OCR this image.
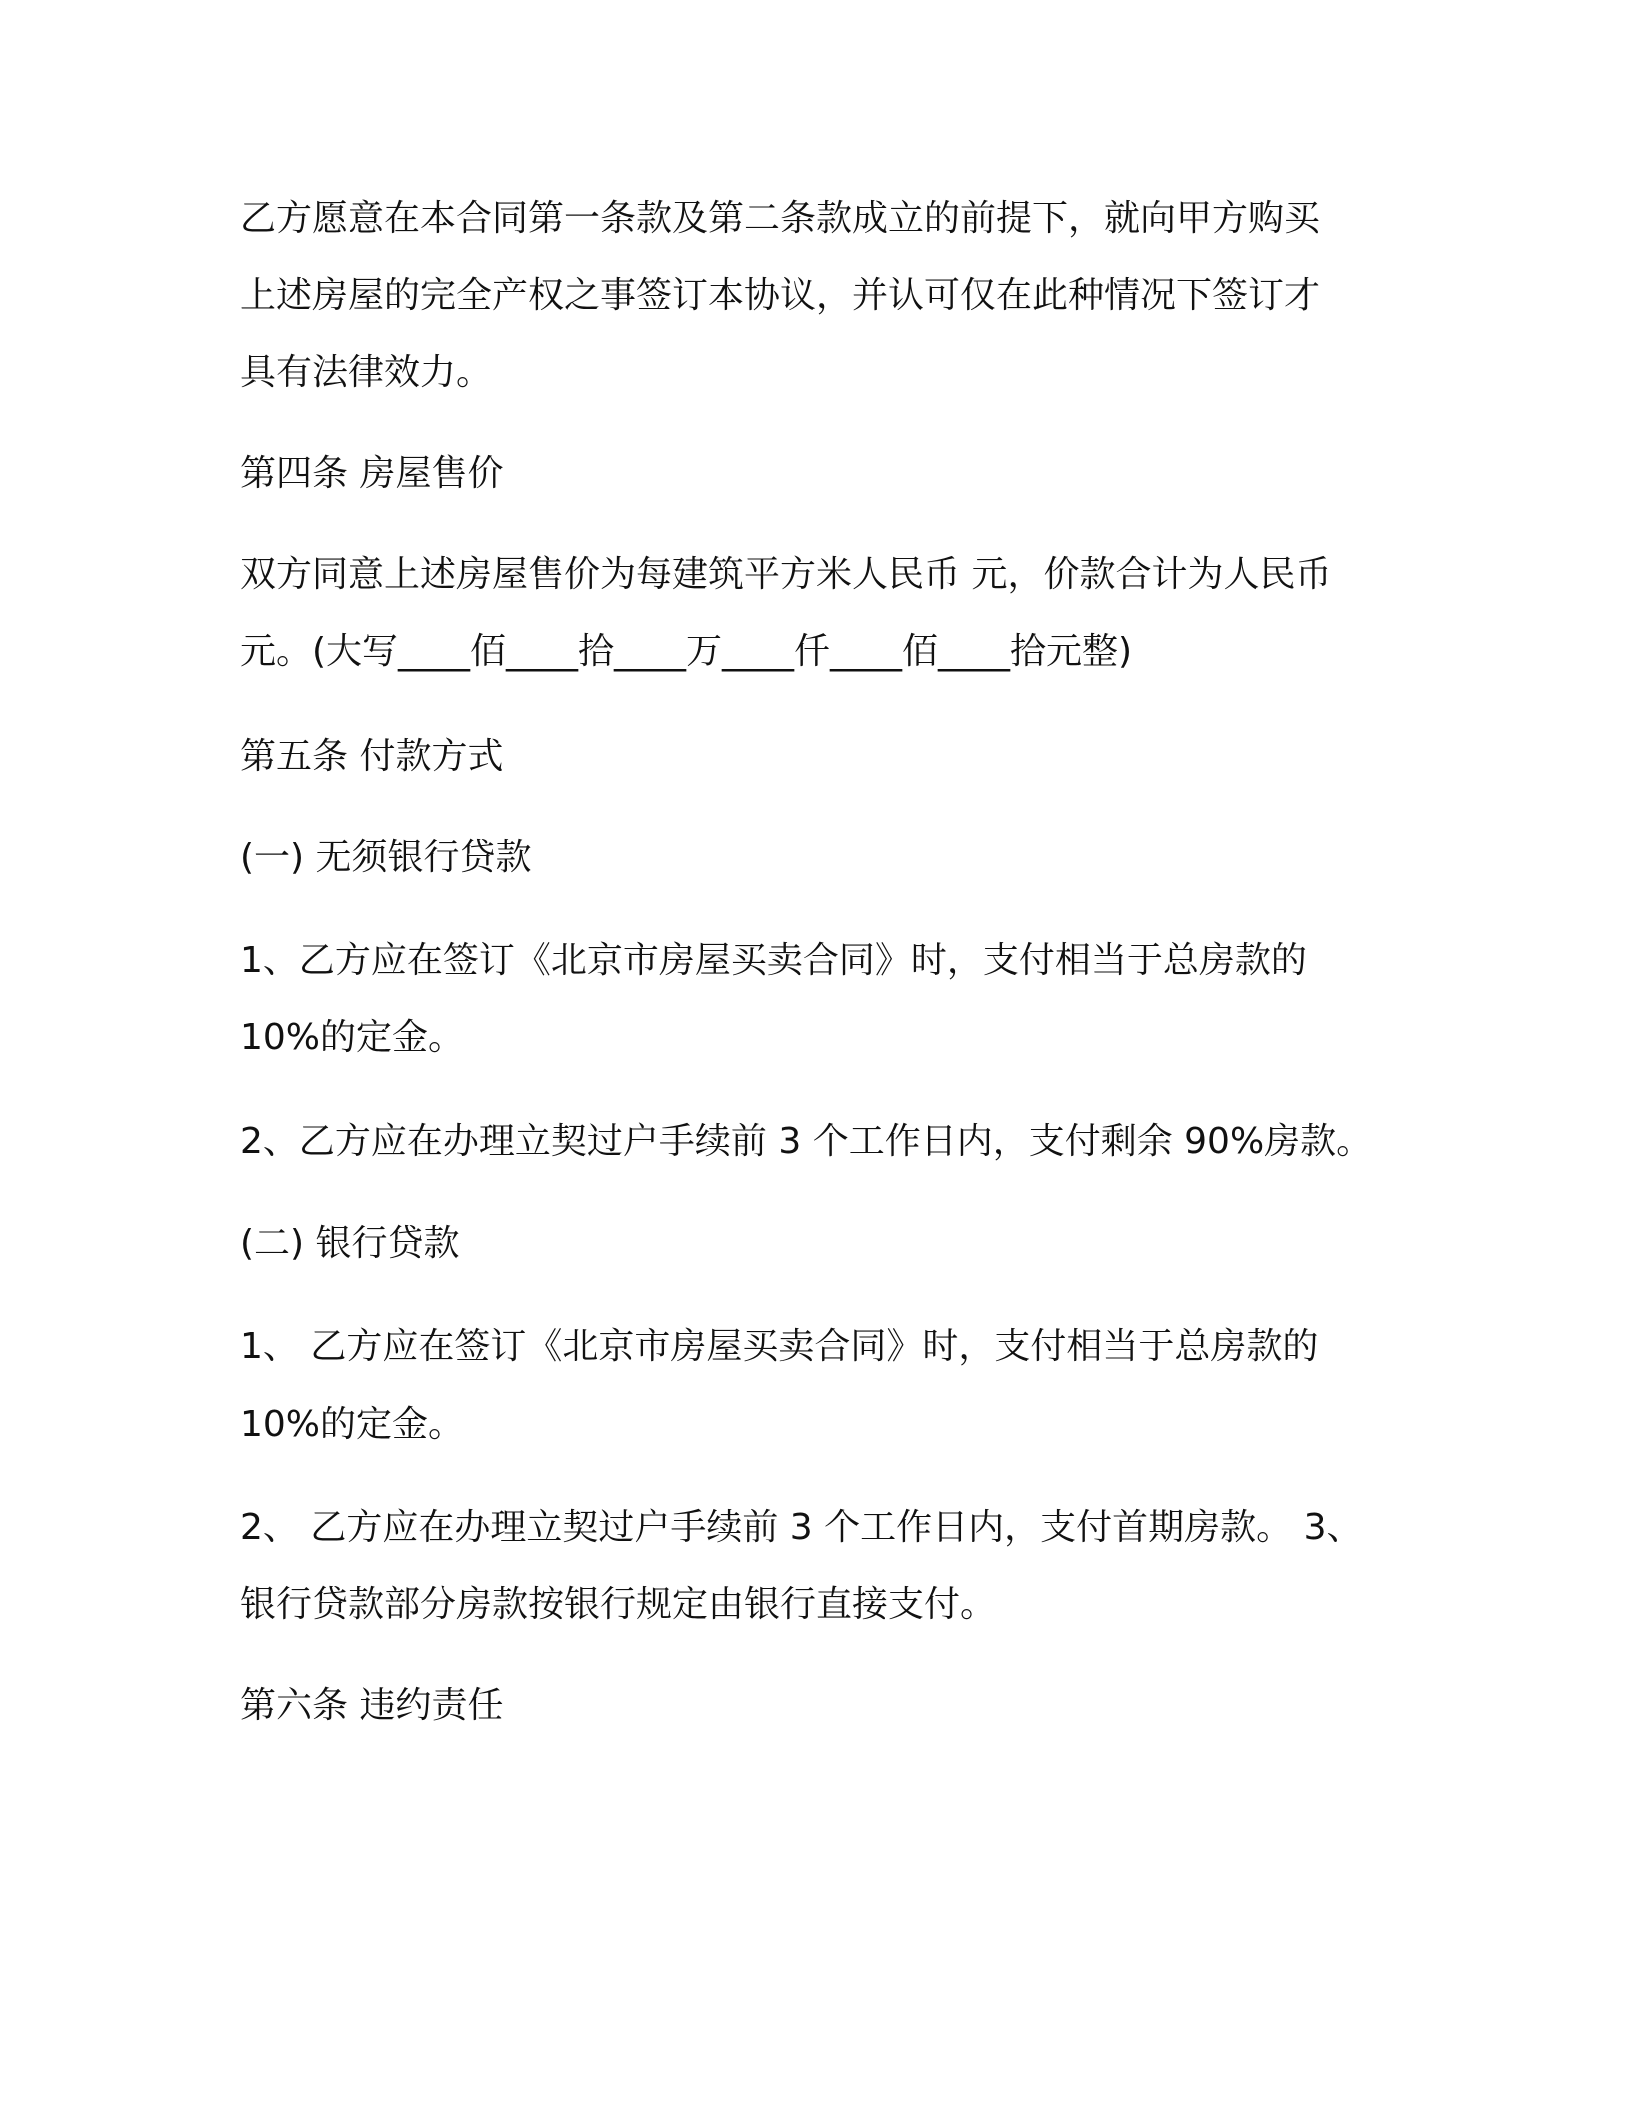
乙方愿意在本合同第一条款及第二条款成立的前提下，就向甲方购买
上述房屋的完全产权之事签订本协议，并认可仅在此种情况下签订才
具有法律效力。
第四条 房屋售价
双方同意上述房屋售价为每建筑平方米人民币 元，价款合计为人民币
元。(大写____佰____拾____万____仟____佰____拾元整)
第五条 付款方式
(一) 无须银行贷款
1、乙方应在签订《北京市房屋买卖合同》时，支付相当于总房款的
10%的定金。
2、乙方应在办理立契过户手续前 3 个工作日内，支付剩余 90%房款。
(二) 银行贷款
1、 乙方应在签订《北京市房屋买卖合同》时，支付相当于总房款的
10%的定金。
2、 乙方应在办理立契过户手续前 3 个工作日内，支付首期房款。 3、
银行贷款部分房款按银行规定由银行直接支付。
第六条 违约责任
